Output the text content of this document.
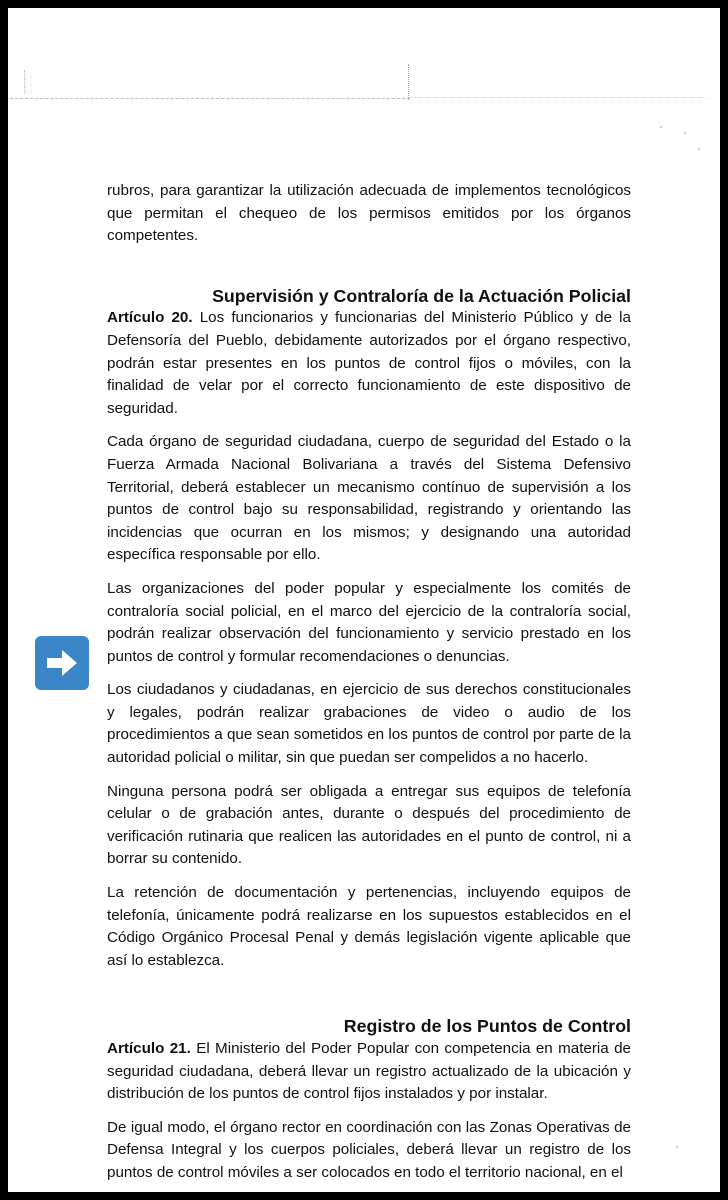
rubros, para garantizar la utilización adecuada de implementos tecnológicos que permitan el chequeo de los permisos emitidos por los órganos competentes.

Supervisión y Contraloría de la Actuación Policial

Artículo 20. Los funcionarios y funcionarias del Ministerio Público y de la Defensoría del Pueblo, debidamente autorizados por el órgano respectivo, podrán estar presentes en los puntos de control fijos o móviles, con la finalidad de velar por el correcto funcionamiento de este dispositivo de seguridad.

Cada órgano de seguridad ciudadana, cuerpo de seguridad del Estado o la Fuerza Armada Nacional Bolivariana a través del Sistema Defensivo Territorial, deberá establecer un mecanismo contínuo de supervisión a los puntos de control bajo su responsabilidad, registrando y orientando las incidencias que ocurran en los mismos; y designando una autoridad específica responsable por ello.

Las organizaciones del poder popular y especialmente los comités de contraloría social policial, en el marco del ejercicio de la contraloría social, podrán realizar observación del funcionamiento y servicio prestado en los puntos de control y formular recomendaciones o denuncias.

Los ciudadanos y ciudadanas, en ejercicio de sus derechos constitucionales y legales, podrán realizar grabaciones de video o audio de los procedimientos a que sean sometidos en los puntos de control por parte de la autoridad policial o militar, sin que puedan ser compelidos a no hacerlo.

Ninguna persona podrá ser obligada a entregar sus equipos de telefonía celular o de grabación antes, durante o después del procedimiento de verificación rutinaria que realicen las autoridades en el punto de control, ni a borrar su contenido.

La retención de documentación y pertenencias, incluyendo equipos de telefonía, únicamente podrá realizarse en los supuestos establecidos en el Código Orgánico Procesal Penal y demás legislación vigente aplicable que así lo establezca.

Registro de los Puntos de Control

Artículo 21. El Ministerio del Poder Popular con competencia en materia de seguridad ciudadana, deberá llevar un registro actualizado de la ubicación y distribución de los puntos de control fijos instalados y por instalar.

De igual modo, el órgano rector en coordinación con las Zonas Operativas de Defensa Integral y los cuerpos policiales, deberá llevar un registro de los puntos de control móviles a ser colocados en todo el territorio nacional, en el
